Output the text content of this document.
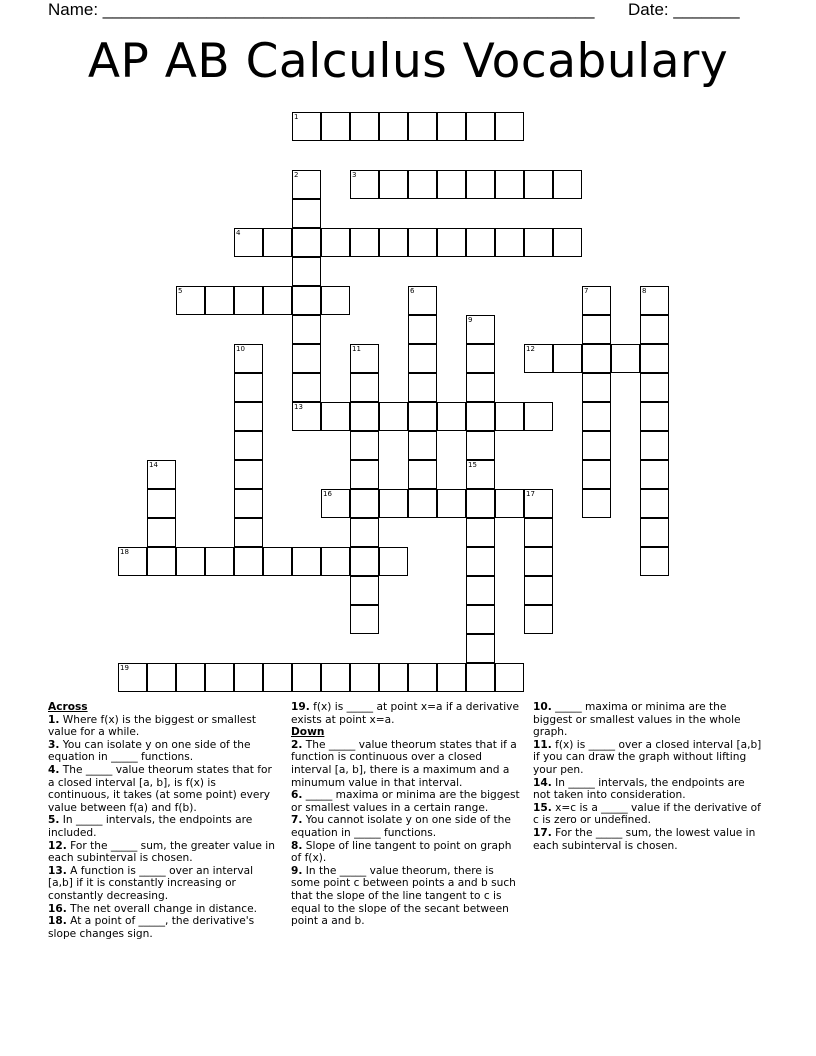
Name: ____________________________________________________ Date: _______
AP AB Calculus Vocabulary
1
3
4
5
12
13
16
18
19
2
6	7	8
9
10	11
14	15
17
Across
1. Where f(x) is the biggest or smallest value for a while.
3. You can isolate y on one side of the equation in _____ functions.
4. The _____ value theorum states that for a closed interval [a, b], is f(x) is continuous, it takes (at some point) every value between f(a) and f(b).
5. In _____ intervals, the endpoints are included.
12. For the _____ sum, the greater value in each subinterval is chosen.
13. A function is _____ over an interval [a,b] if it is constantly increasing or constantly decreasing.
16. The net overall change in distance.
18. At a point of _____, the derivative's slope changes sign.
19. f(x) is _____ at point x=a if a derivative exists at point x=a.
Down
2. The _____ value theorum states that if a function is continuous over a closed interval [a, b], there is a maximum and a minumum value in that interval.
6. _____ maxima or minima are the biggest or smallest values in a certain range.
7. You cannot isolate y on one side of the equation in _____ functions.
8. Slope of line tangent to point on graph of f(x).
9. In the _____ value theorum, there is some point c between points a and b such that the slope of the line tangent to c is equal to the slope of the secant between point a and b.
10. _____ maxima or minima are the biggest or smallest values in the whole graph.
11. f(x) is _____ over a closed interval [a,b] if you can draw the graph without lifting your pen.
14. In _____ intervals, the endpoints are not taken into consideration.
15. x=c is a _____ value if the derivative of c is zero or undefined.
17. For the _____ sum, the lowest value in each subinterval is chosen.
